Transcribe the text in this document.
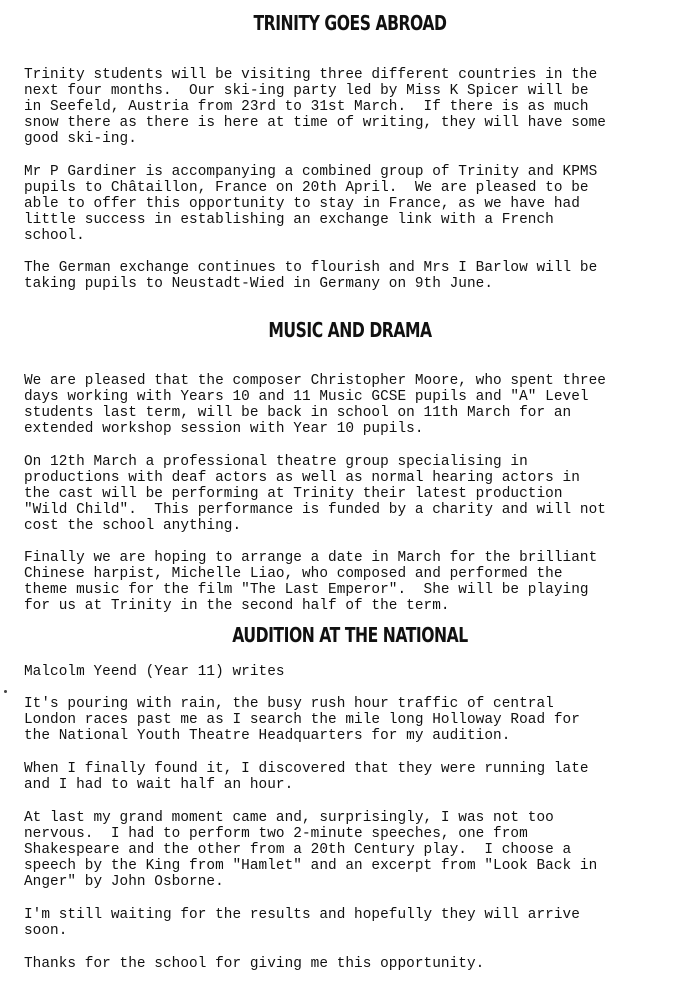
TRINITY GOES ABROAD
Trinity students will be visiting three different countries in the
next four months.  Our ski-ing party led by Miss K Spicer will be
in Seefeld, Austria from 23rd to 31st March.  If there is as much
snow there as there is here at time of writing, they will have some
good ski-ing.
Mr P Gardiner is accompanying a combined group of Trinity and KPMS
pupils to Châtaillon, France on 20th April.  We are pleased to be
able to offer this opportunity to stay in France, as we have had
little success in establishing an exchange link with a French
school.
The German exchange continues to flourish and Mrs I Barlow will be
taking pupils to Neustadt-Wied in Germany on 9th June.
MUSIC AND DRAMA
We are pleased that the composer Christopher Moore, who spent three
days working with Years 10 and 11 Music GCSE pupils and "A" Level
students last term, will be back in school on 11th March for an
extended workshop session with Year 10 pupils.
On 12th March a professional theatre group specialising in
productions with deaf actors as well as normal hearing actors in
the cast will be performing at Trinity their latest production
"Wild Child".  This performance is funded by a charity and will not
cost the school anything.
Finally we are hoping to arrange a date in March for the brilliant
Chinese harpist, Michelle Liao, who composed and performed the
theme music for the film "The Last Emperor".  She will be playing
for us at Trinity in the second half of the term.
AUDITION AT THE NATIONAL
Malcolm Yeend (Year 11) writes
It's pouring with rain, the busy rush hour traffic of central
London races past me as I search the mile long Holloway Road for
the National Youth Theatre Headquarters for my audition.
When I finally found it, I discovered that they were running late
and I had to wait half an hour.
At last my grand moment came and, surprisingly, I was not too
nervous.  I had to perform two 2-minute speeches, one from
Shakespeare and the other from a 20th Century play.  I choose a
speech by the King from "Hamlet" and an excerpt from "Look Back in
Anger" by John Osborne.
I'm still waiting for the results and hopefully they will arrive
soon.
Thanks for the school for giving me this opportunity.
